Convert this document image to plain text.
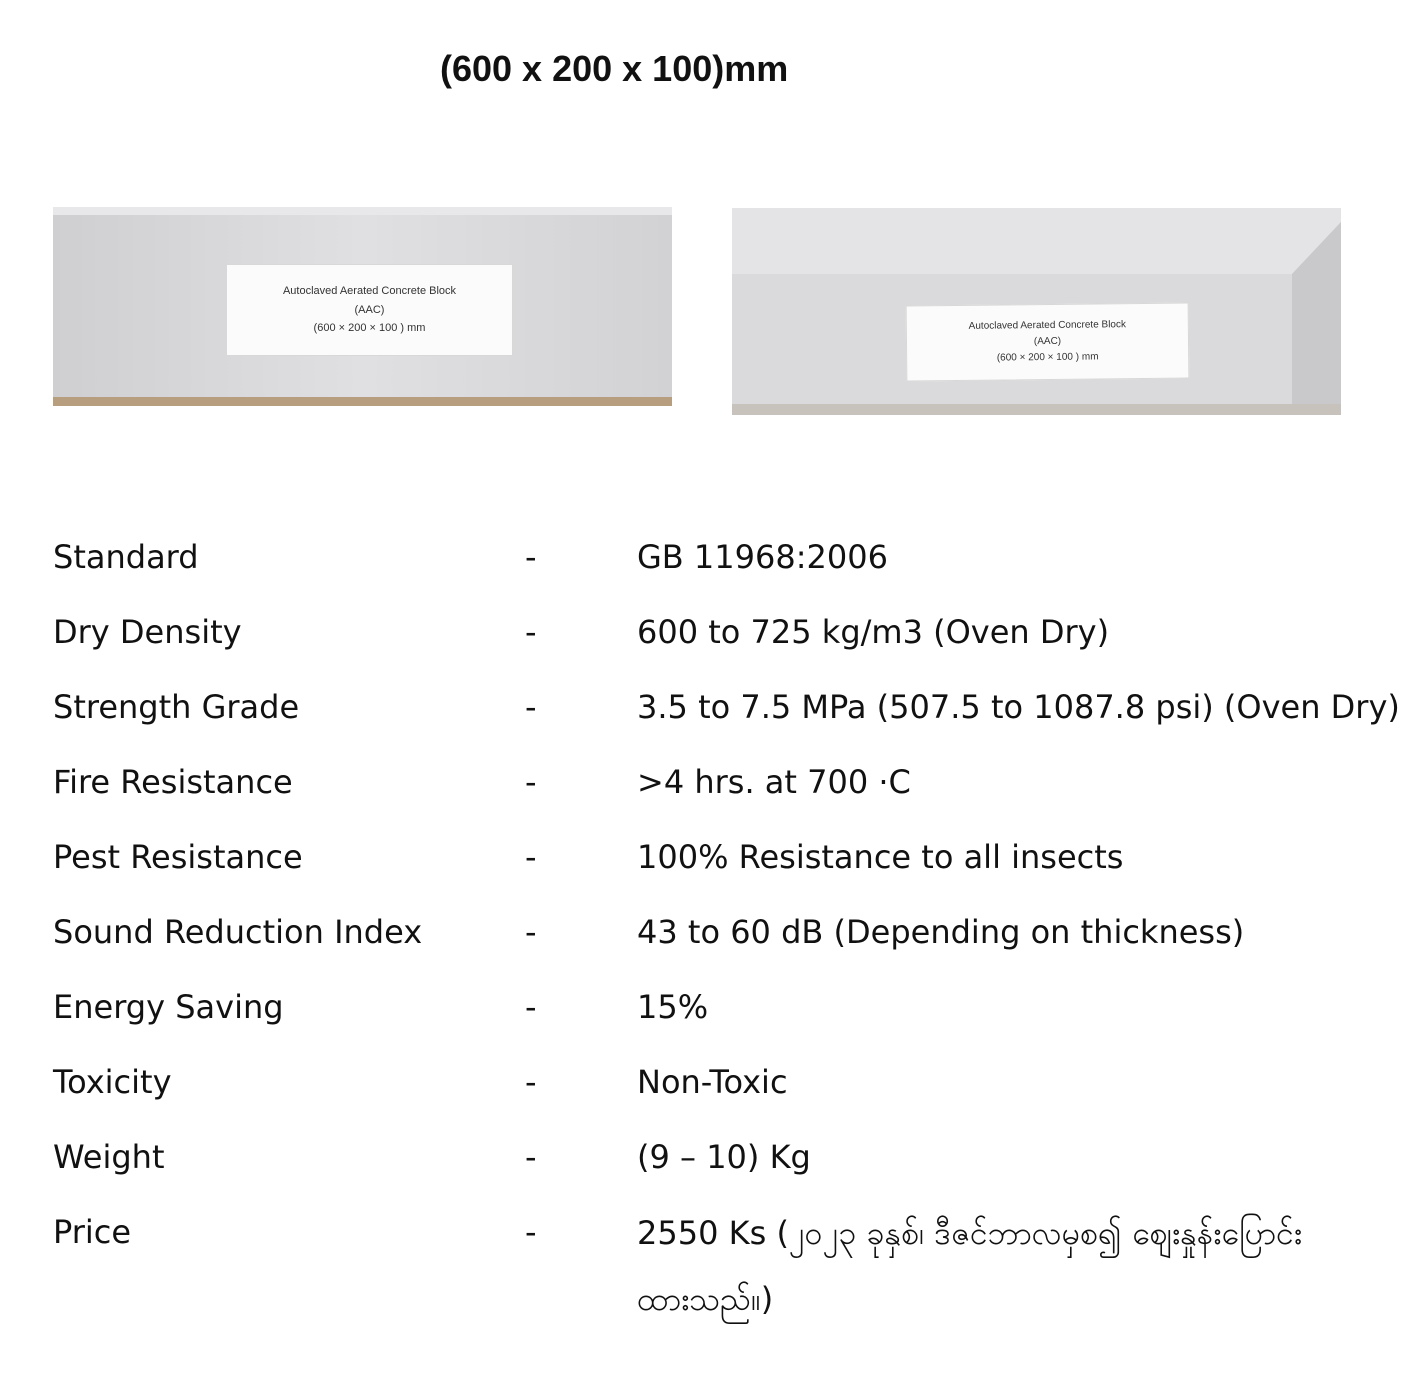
(600 x 200 x 100)mm
Autoclaved Aerated Concrete Block
(AAC)
(600 × 200 × 100 ) mm	Autoclaved Aerated Concrete Block
(AAC)
(600 × 200 × 100 ) mm
Standard	-	GB 11968:2006
Dry Density	-	600 to 725 kg/m3 (Oven Dry)
Strength Grade	-	3.5 to 7.5 MPa (507.5 to 1087.8 psi) (Oven Dry)
Fire Resistance	-	>4 hrs. at 700 ·C
Pest Resistance	-	100% Resistance to all insects
Sound Reduction Index	-	43 to 60 dB (Depending on thickness)
Energy Saving	-	15%
Toxicity	-	Non-Toxic
Weight	-	(9 – 10) Kg
Price	-	2550 Ks (၂၀၂၃ ခုနှစ်၊ ဒီဇင်ဘာလမှစ၍ ဈေးနှုန်းပြောင်းထားသည်။)
